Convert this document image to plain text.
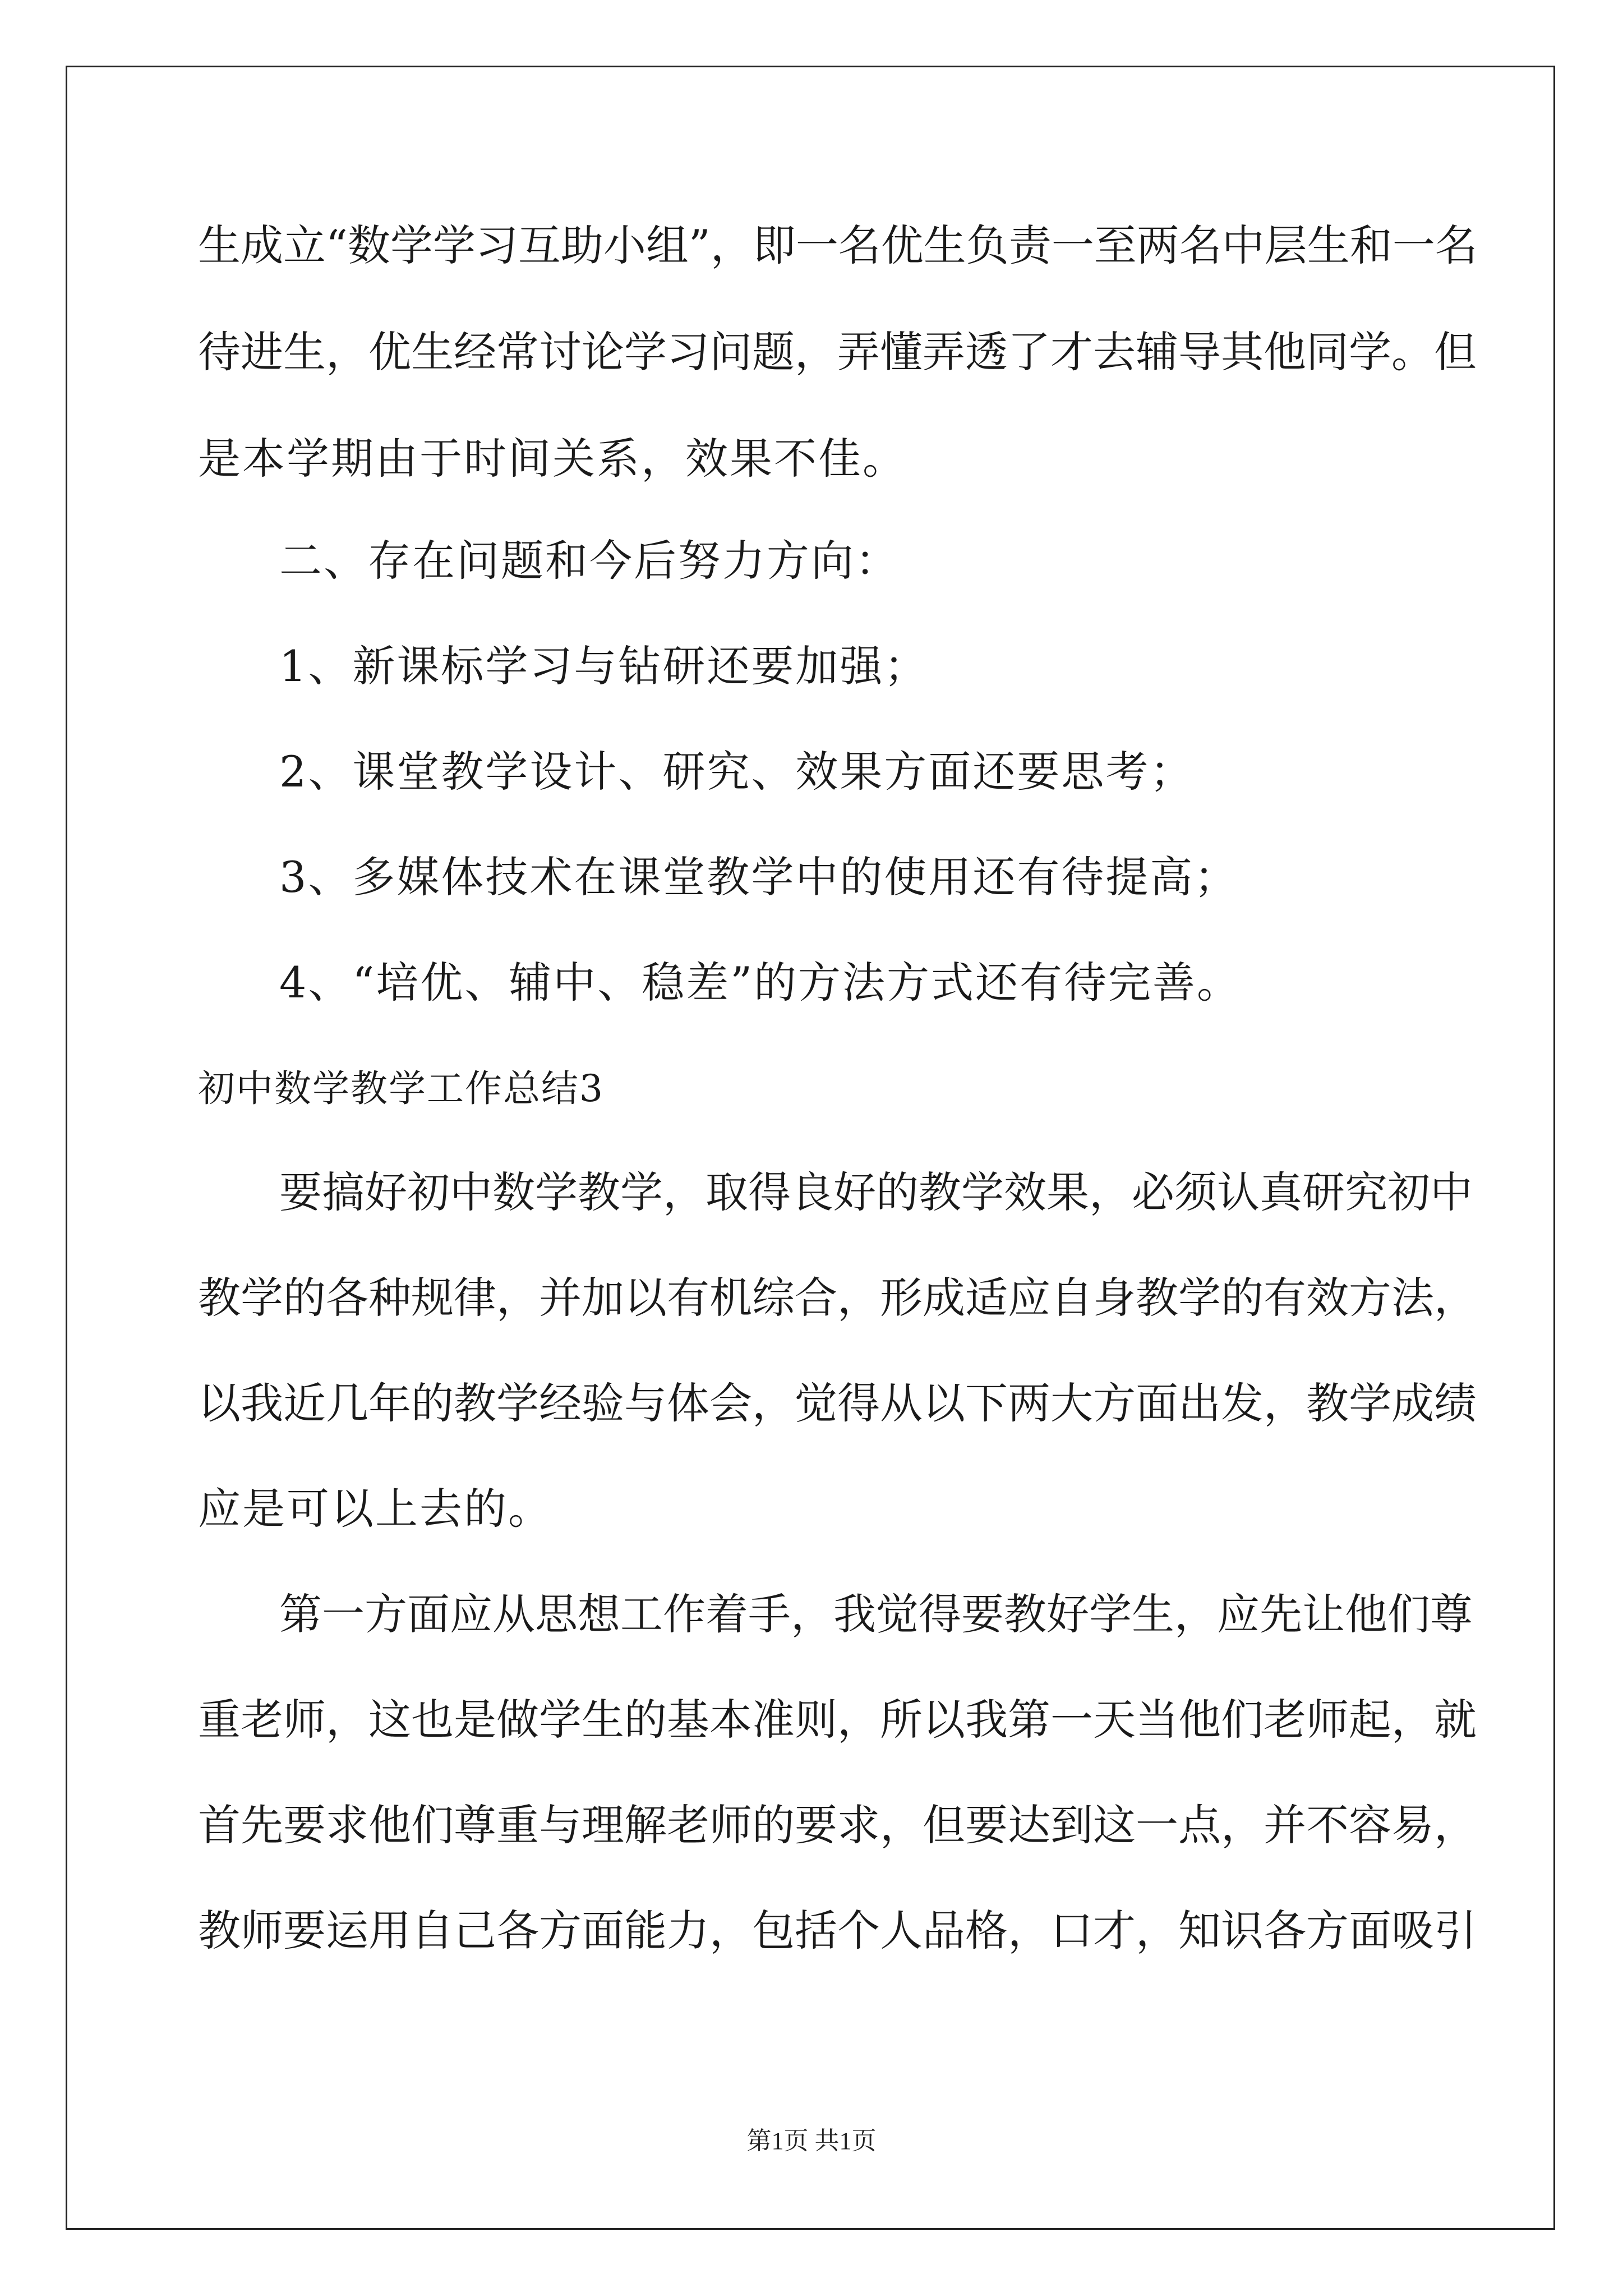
生成立“数学学习互助小组”，即一名优生负责一至两名中层生和一名
待进生，优生经常讨论学习问题，弄懂弄透了才去辅导其他同学。但
是本学期由于时间关系，效果不佳。
二、存在问题和今后努力方向：
1、新课标学习与钻研还要加强；
2、课堂教学设计、研究、效果方面还要思考；
3、多媒体技术在课堂教学中的使用还有待提高；
4、“培优、辅中、稳差”的方法方式还有待完善。
初中数学教学工作总结3
要搞好初中数学教学，取得良好的教学效果，必须认真研究初中
教学的各种规律，并加以有机综合，形成适应自身教学的有效方法，
以我近几年的教学经验与体会，觉得从以下两大方面出发，教学成绩
应是可以上去的。
第一方面应从思想工作着手，我觉得要教好学生，应先让他们尊
重老师，这也是做学生的基本准则，所以我第一天当他们老师起，就
首先要求他们尊重与理解老师的要求，但要达到这一点，并不容易，
教师要运用自己各方面能力，包括个人品格，口才，知识各方面吸引
第1页 共1页
